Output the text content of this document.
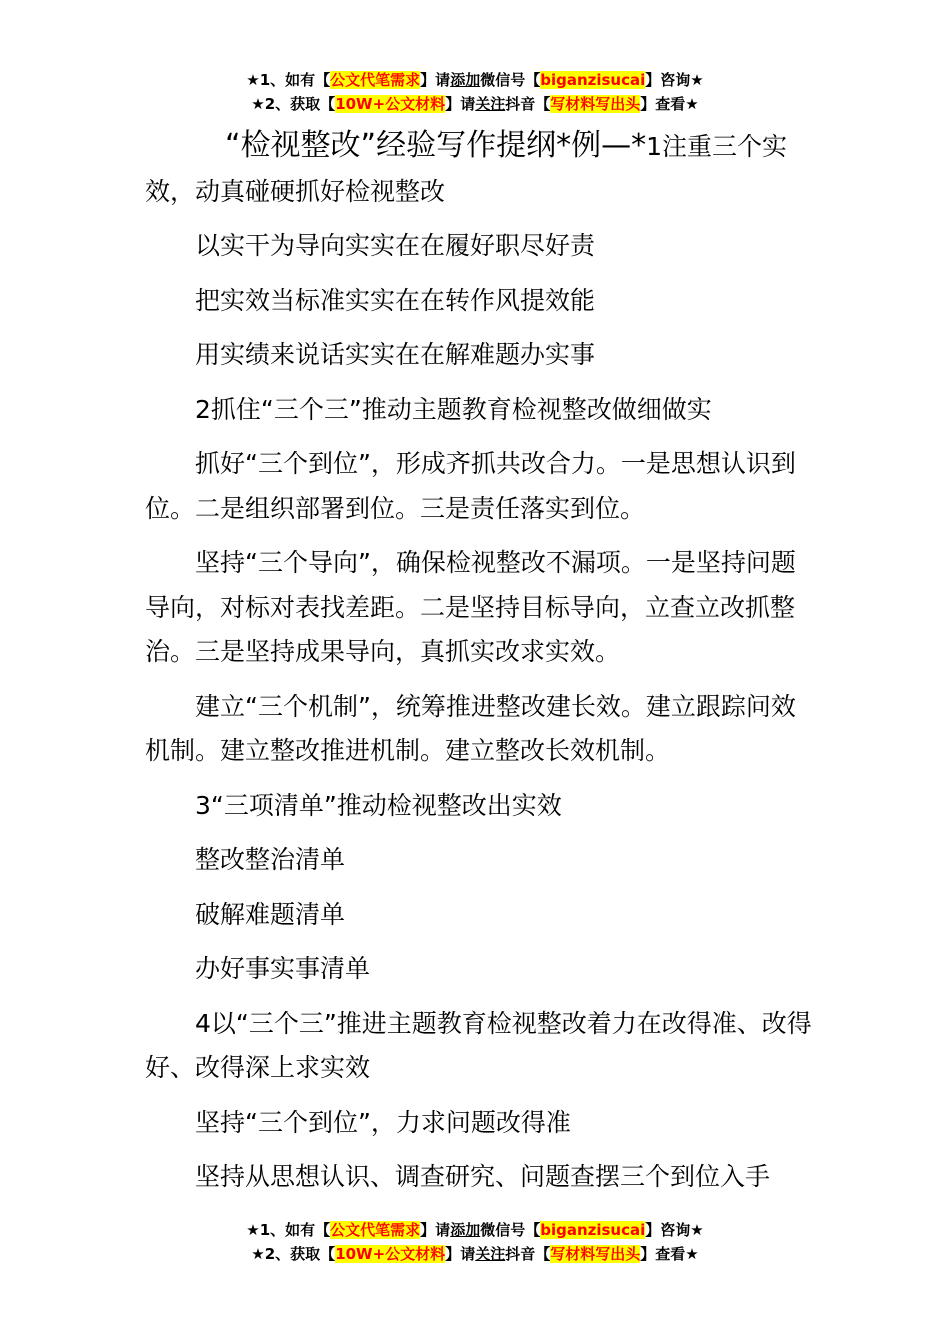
★1、如有【公文代笔需求】请添加微信号【biganzisucai】咨询★
★2、获取【10W+公文材料】请关注抖音【写材料写出头】查看★

“检视整改”经验写作提纲*例—*1注重三个实效，动真碰硬抓好检视整改

以实干为导向实实在在履好职尽好责

把实效当标准实实在在转作风提效能

用实绩来说话实实在在解难题办实事

2抓住“三个三”推动主题教育检视整改做细做实

抓好“三个到位”，形成齐抓共改合力。一是思想认识到位。二是组织部署到位。三是责任落实到位。

坚持“三个导向”，确保检视整改不漏项。一是坚持问题导向，对标对表找差距。二是坚持目标导向，立查立改抓整治。三是坚持成果导向，真抓实改求实效。

建立“三个机制”，统筹推进整改建长效。建立跟踪问效机制。建立整改推进机制。建立整改长效机制。

3“三项清单”推动检视整改出实效

整改整治清单

破解难题清单

办好事实事清单

4以“三个三”推进主题教育检视整改着力在改得准、改得好、改得深上求实效

坚持“三个到位”，力求问题改得准

坚持从思想认识、调查研究、问题查摆三个到位入手

★1、如有【公文代笔需求】请添加微信号【biganzisucai】咨询★
★2、获取【10W+公文材料】请关注抖音【写材料写出头】查看★
